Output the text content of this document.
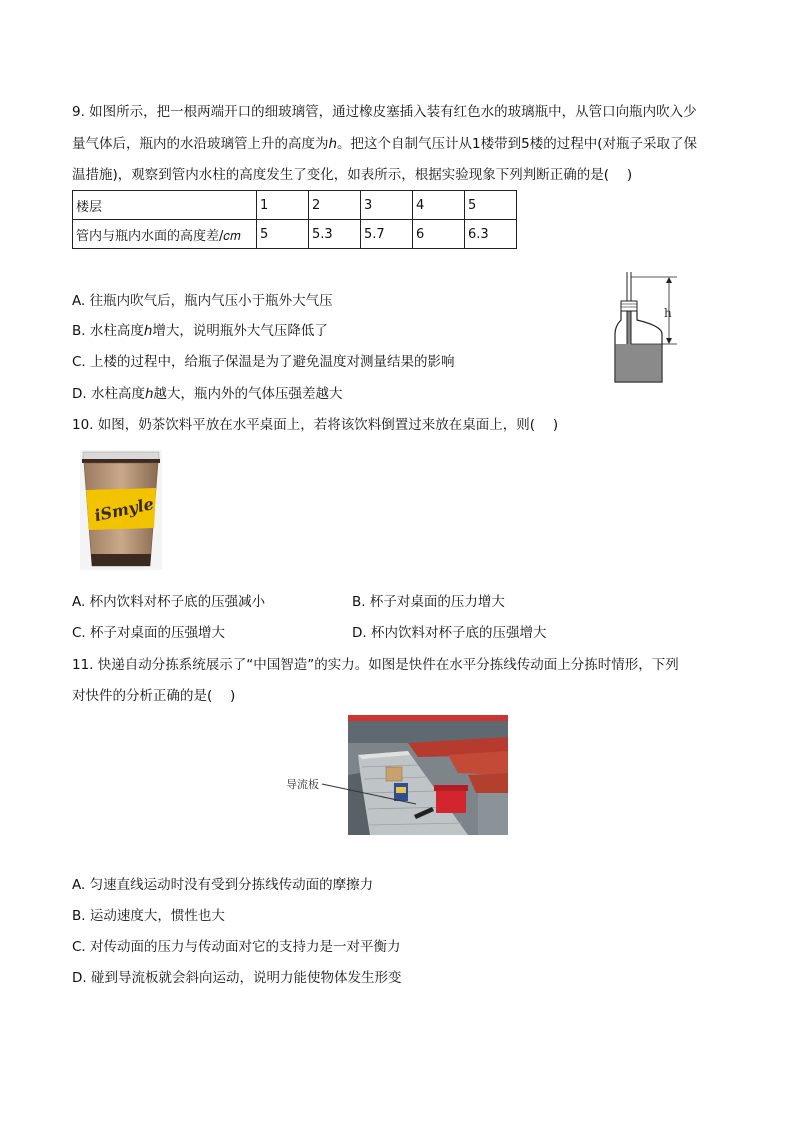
9. 如图所示，把一根两端开口的细玻璃管，通过橡皮塞插入装有红色水的玻璃瓶中，从管口向瓶内吹入少
量气体后，瓶内的水沿玻璃管上升的高度为ℎ。把这个自制气压计从1楼带到5楼的过程中(对瓶子采取了保
温措施)，观察到管内水柱的高度发生了变化，如表所示，根据实验现象下列判断正确的是(　 )
楼层	1	2	3	4	5
管内与瓶内水面的高度差/𝑐𝑚	5	5.3	5.7	6	6.3
A. 往瓶内吹气后，瓶内气压小于瓶外大气压
B. 水柱高度ℎ增大，说明瓶外大气压降低了
C. 上楼的过程中，给瓶子保温是为了避免温度对测量结果的影响
D. 水柱高度ℎ越大，瓶内外的气体压强差越大
h
10. 如图，奶茶饮料平放在水平桌面上，若将该饮料倒置过来放在桌面上，则(　 )
iSmyle
A. 杯内饮料对杯子底的压强减小	B. 杯子对桌面的压力增大
C. 杯子对桌面的压强增大	D. 杯内饮料对杯子底的压强增大
11. 快递自动分拣系统展示了“中国智造”的实力。如图是快件在水平分拣线传动面上分拣时情形，下列
对快件的分析正确的是(　 )
导流板
A. 匀速直线运动时没有受到分拣线传动面的摩擦力
B. 运动速度大，惯性也大
C. 对传动面的压力与传动面对它的支持力是一对平衡力
D. 碰到导流板就会斜向运动，说明力能使物体发生形变
